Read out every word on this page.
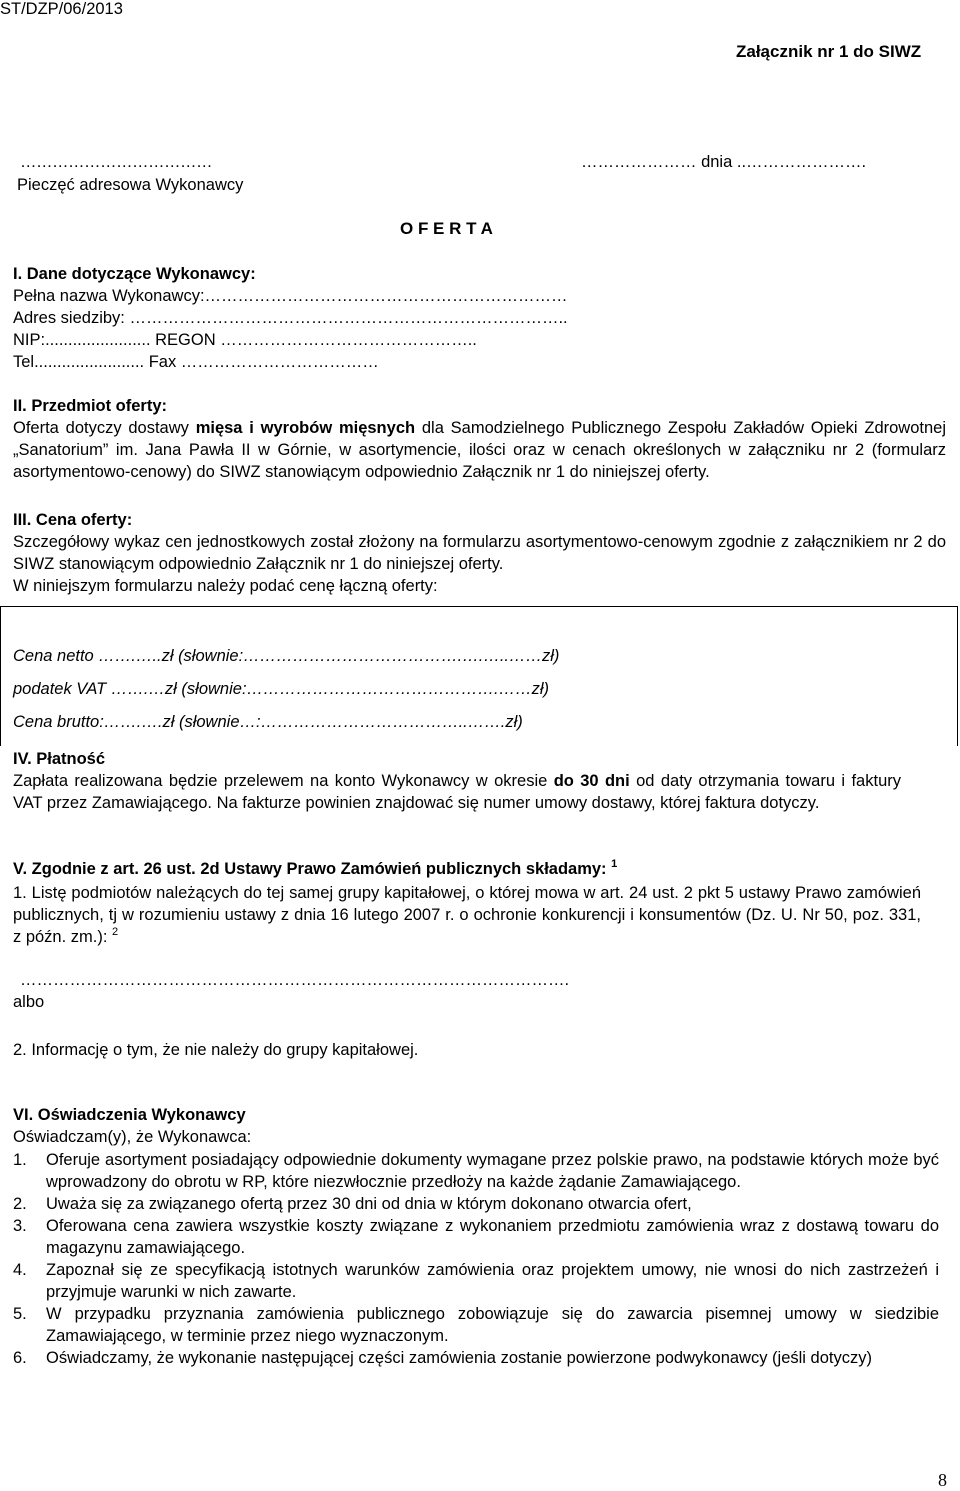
ST/DZP/06/2013
Załącznik nr 1 do SIWZ
………………………………
Pieczęć adresowa Wykonawcy
………………… dnia ..………………….
O F E R T A
I. Dane dotyczące Wykonawcy:
Pełna nazwa Wykonawcy:…………………………………………………………
Adres siedziby: ……………………………………………………………………..
NIP:....................... REGON ………………………………………..
Tel........................ Fax ………………………………
II. Przedmiot oferty:
Oferta dotyczy dostawy mięsa i wyrobów mięsnych dla Samodzielnego Publicznego Zespołu Zakładów Opieki Zdrowotnej „Sanatorium” im. Jana Pawła II w Górnie, w asortymencie, ilości oraz w cenach określonych w załączniku nr 2 (formularz asortymentowo-cenowy) do SIWZ stanowiącym odpowiednio Załącznik nr 1 do niniejszej oferty.
III. Cena oferty:
Szczegółowy wykaz cen jednostkowych został złożony na formularzu asortymentowo-cenowym zgodnie z załącznikiem nr 2 do SIWZ stanowiącym odpowiednio Załącznik nr 1 do niniejszej oferty.
W niniejszym formularzu należy podać cenę łączną oferty:
Cena netto …….…..zł (słownie:………………………………….….…..……zł)
podatek VAT …….…zł (słownie:……………………………………….……zł)
Cena brutto:…….….zł (słownie…:………………………………..…….zł)
IV. Płatność
Zapłata realizowana będzie przelewem na konto Wykonawcy w okresie do 30 dni od daty otrzymania towaru i faktury VAT przez Zamawiającego. Na fakturze powinien znajdować się numer umowy dostawy, której faktura dotyczy.
V. Zgodnie z art. 26 ust. 2d Ustawy Prawo Zamówień publicznych składamy: $^1$
1. Listę podmiotów należących do tej samej grupy kapitałowej, o której mowa w art. 24 ust. 2 pkt 5 ustawy Prawo zamówień publicznych, tj w rozumieniu ustawy z dnia 16 lutego 2007 r. o ochronie konkurencji i konsumentów (Dz. U. Nr 50, poz. 331, z późn. zm.): $^2$
……………………………………………………………………………………….
albo
2. Informację o tym, że nie należy do grupy kapitałowej.
VI. Oświadczenia Wykonawcy
Oświadczam(y), że Wykonawca:
1.	Oferuje asortyment posiadający odpowiednie dokumenty wymagane przez polskie prawo, na podstawie których może być wprowadzony do obrotu w RP, które niezwłocznie przedłoży na każde żądanie Zamawiającego.
2.	Uważa się za związanego ofertą przez 30 dni od dnia w którym dokonano otwarcia ofert,
3.	Oferowana cena zawiera wszystkie koszty związane z wykonaniem przedmiotu zamówienia wraz z dostawą towaru do magazynu zamawiającego.
4.	Zapoznał się ze specyfikacją istotnych warunków zamówienia oraz projektem umowy, nie wnosi do nich zastrzeżeń i przyjmuje warunki w nich zawarte.
5.	W przypadku przyznania zamówienia publicznego zobowiązuje się do zawarcia pisemnej umowy w siedzibie Zamawiającego, w terminie przez niego wyznaczonym.
6.	Oświadczamy, że wykonanie następującej części zamówienia zostanie powierzone podwykonawcy (jeśli dotyczy)
8
